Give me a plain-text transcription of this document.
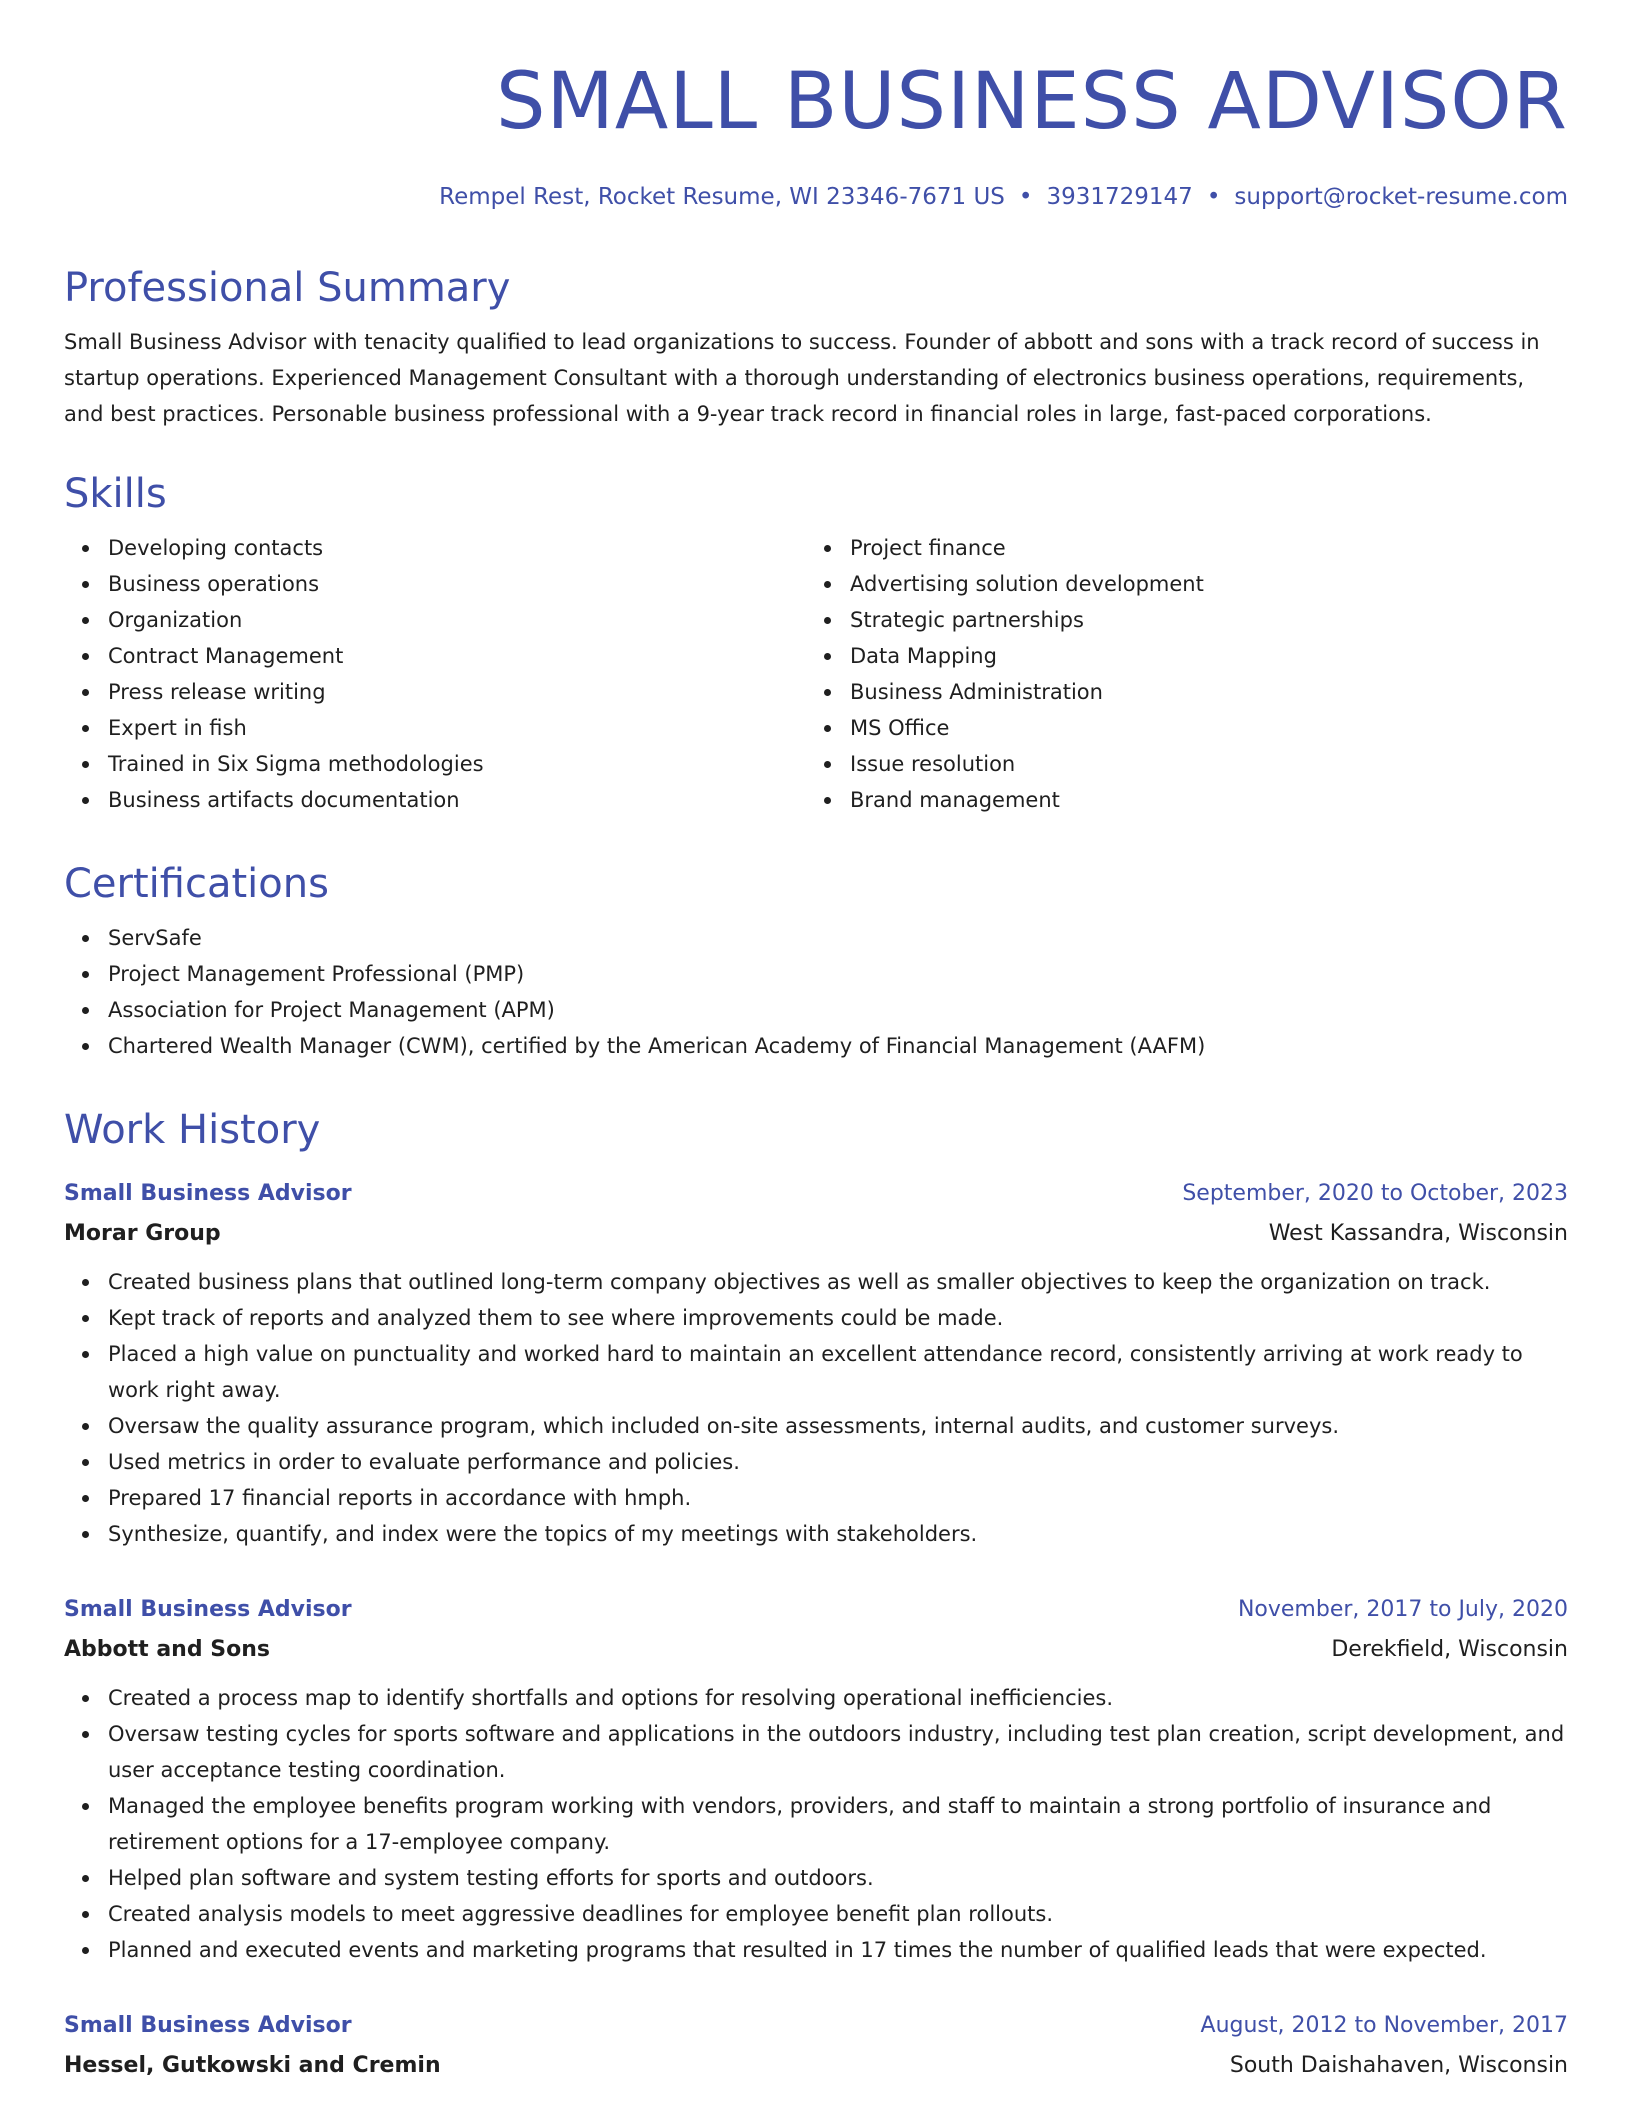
SMALL BUSINESS ADVISOR
Rempel Rest, Rocket Resume, WI 23346-7671 US • 3931729147 • support@rocket-resume.com
Professional Summary

Small Business Advisor with tenacity qualified to lead organizations to success. Founder of abbott and sons with a track record of success in startup operations. Experienced Management Consultant with a thorough understanding of electronics business operations, requirements, and best practices. Personable business professional with a 9-year track record in financial roles in large, fast-paced corporations.

Skills
Developing contacts
Business operations
Organization
Contract Management
Press release writing
Expert in fish
Trained in Six Sigma methodologies
Business artifacts documentation
Project finance
Advertising solution development
Strategic partnerships
Data Mapping
Business Administration
MS Office
Issue resolution
Brand management
Certifications
ServSafe
Project Management Professional (PMP)
Association for Project Management (APM)
Chartered Wealth Manager (CWM), certified by the American Academy of Financial Management (AAFM)
Work History
Small Business Advisor	September, 2020 to October, 2023
Morar Group	West Kassandra, Wisconsin
Created business plans that outlined long-term company objectives as well as smaller objectives to keep the organization on track.
Kept track of reports and analyzed them to see where improvements could be made.
Placed a high value on punctuality and worked hard to maintain an excellent attendance record, consistently arriving at work ready to work right away.
Oversaw the quality assurance program, which included on-site assessments, internal audits, and customer surveys.
Used metrics in order to evaluate performance and policies.
Prepared 17 financial reports in accordance with hmph.
Synthesize, quantify, and index were the topics of my meetings with stakeholders.
Small Business Advisor	November, 2017 to July, 2020
Abbott and Sons	Derekfield, Wisconsin
Created a process map to identify shortfalls and options for resolving operational inefficiencies.
Oversaw testing cycles for sports software and applications in the outdoors industry, including test plan creation, script development, and user acceptance testing coordination.
Managed the employee benefits program working with vendors, providers, and staff to maintain a strong portfolio of insurance and retirement options for a 17-employee company.
Helped plan software and system testing efforts for sports and outdoors.
Created analysis models to meet aggressive deadlines for employee benefit plan rollouts.
Planned and executed events and marketing programs that resulted in 17 times the number of qualified leads that were expected.
Small Business Advisor	August, 2012 to November, 2017
Hessel, Gutkowski and Cremin	South Daishahaven, Wisconsin
